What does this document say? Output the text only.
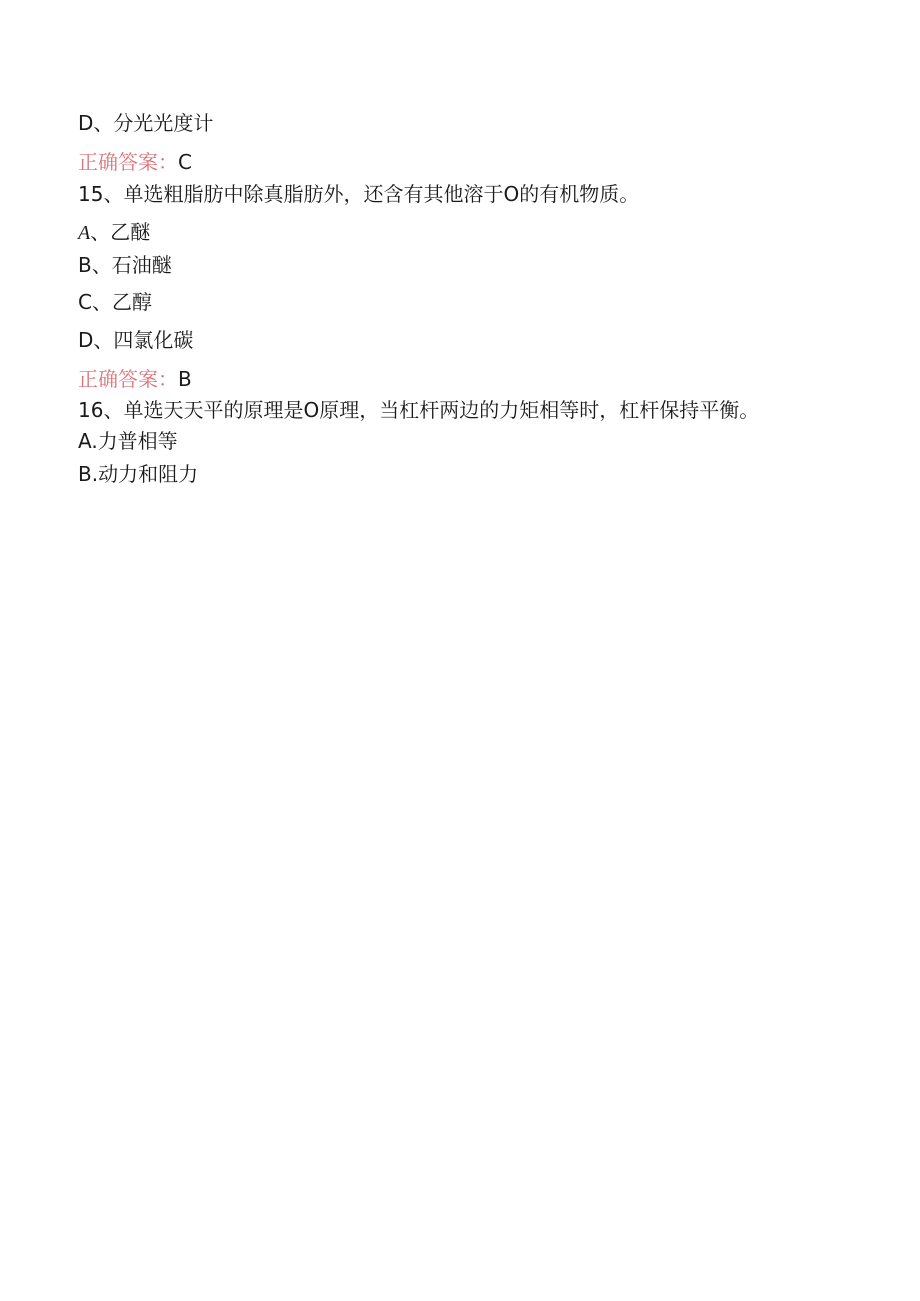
D、分光光度计
正确答案：C
15、单选粗脂肪中除真脂肪外，还含有其他溶于O的有机物质。
A、乙醚
B、石油醚
C、乙醇
D、四氯化碳
正确答案：B
16、单选天天平的原理是O原理，当杠杆两边的力矩相等时，杠杆保持平衡。
A.力普相等
B.动力和阻力
